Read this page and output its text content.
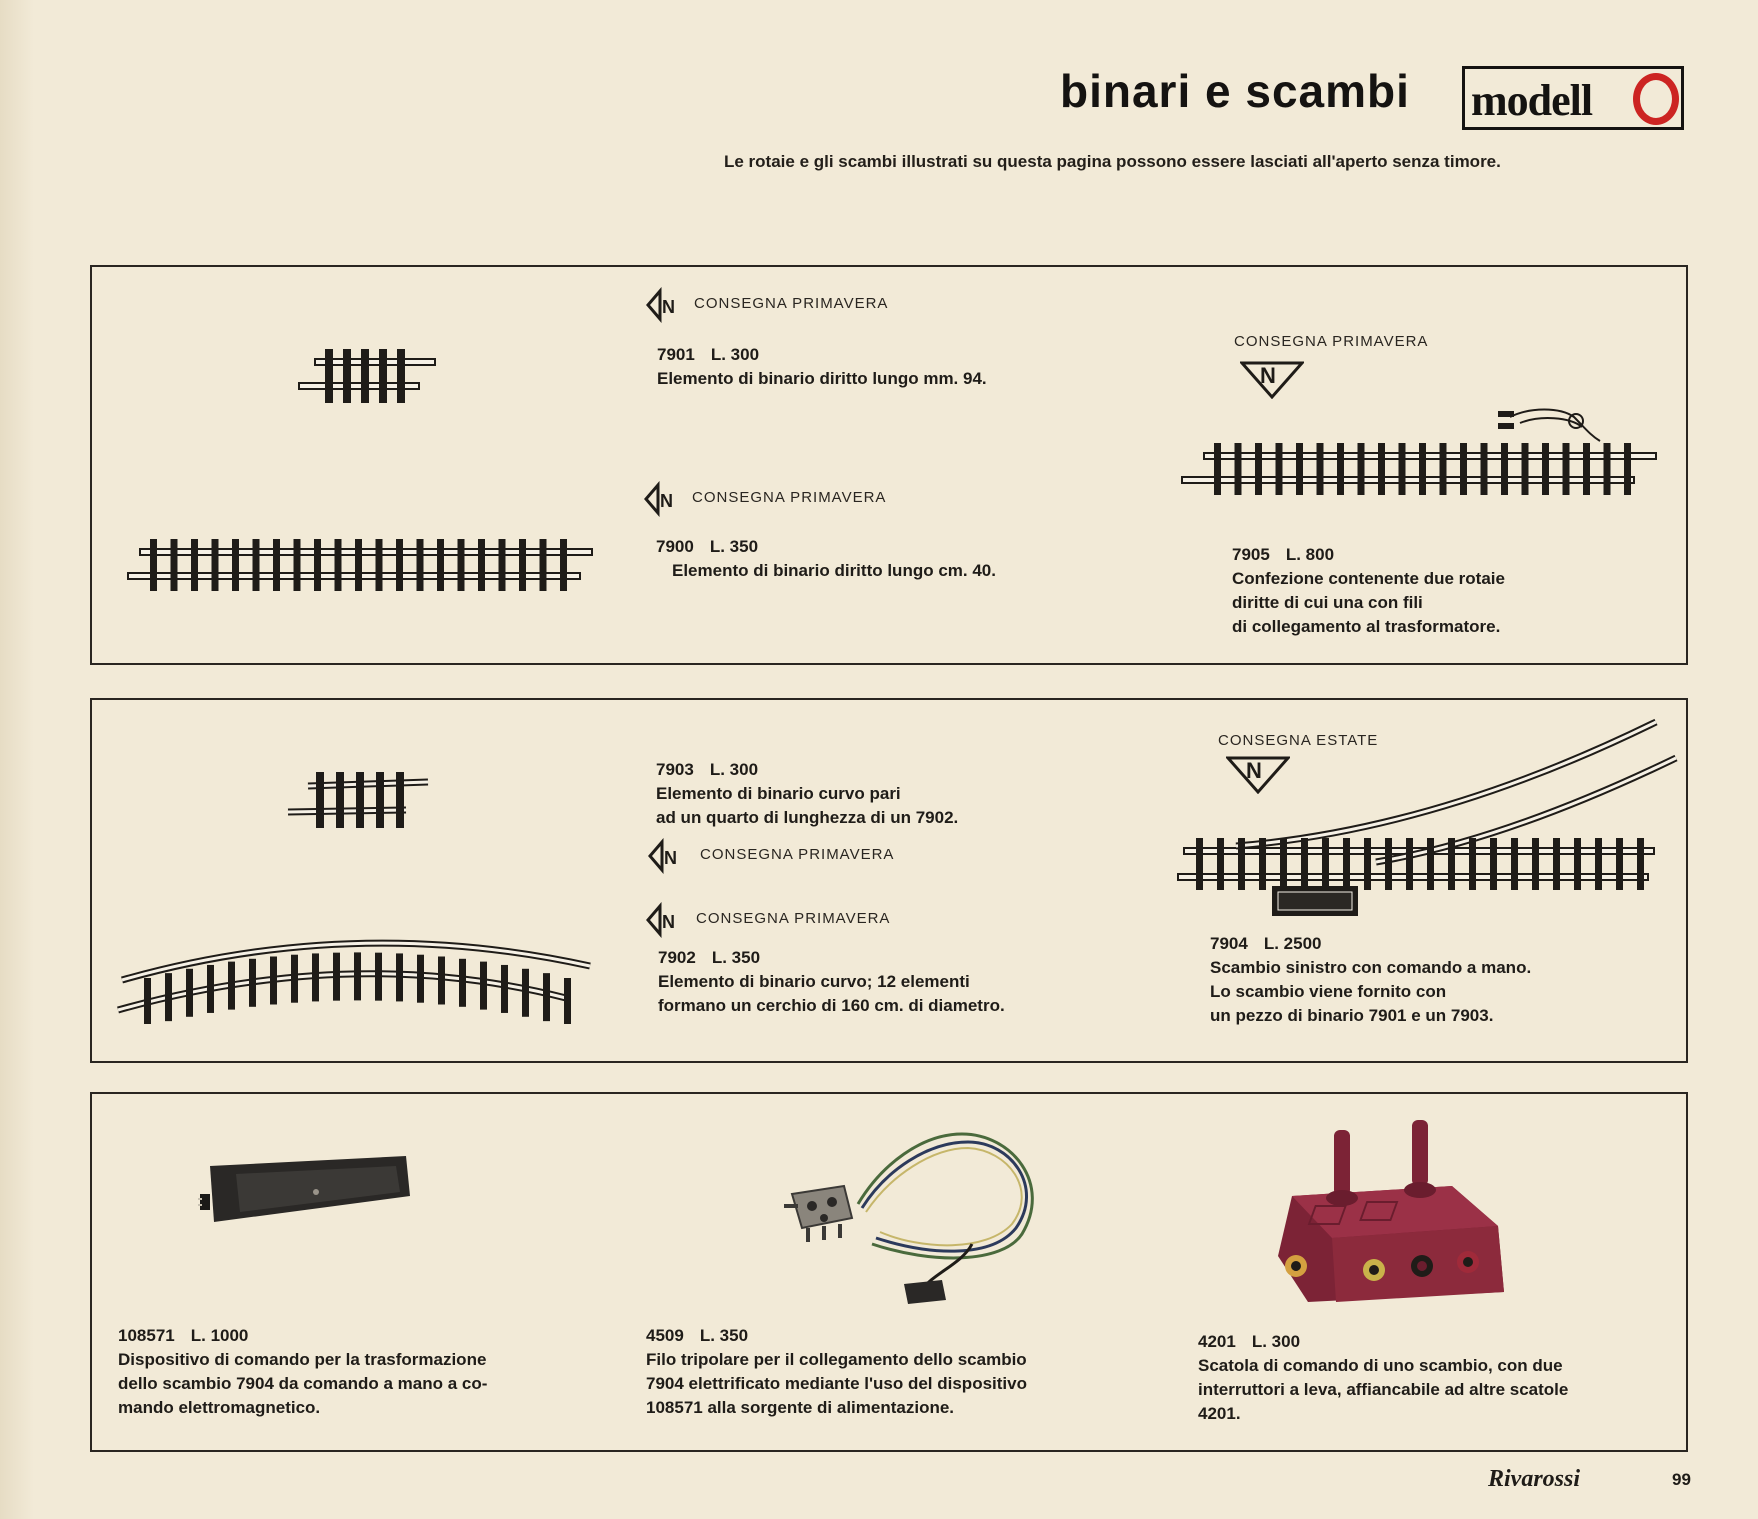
binari e scambi modell
Le rotaie e gli scambi illustrati su questa pagina possono essere lasciati all'aperto senza timore.
N CONSEGNA PRIMAVERA
7901 L. 300
Elemento di binario diritto lungo mm. 94.
N CONSEGNA PRIMAVERA
7900 L. 350
Elemento di binario diritto lungo cm. 40.
CONSEGNA PRIMAVERA
N
7905 L. 800
Confezione contenente due rotaie
diritte di cui una con fili
di collegamento al trasformatore.
7903 L. 300
Elemento di binario curvo pari
ad un quarto di lunghezza di un 7902.
N CONSEGNA PRIMAVERA
N CONSEGNA PRIMAVERA
7902 L. 350
Elemento di binario curvo; 12 elementi
formano un cerchio di 160 cm. di diametro.
CONSEGNA ESTATE
N
7904 L. 2500
Scambio sinistro con comando a mano.
Lo scambio viene fornito con
un pezzo di binario 7901 e un 7903.
108571 L. 1000
Dispositivo di comando per la trasformazione
dello scambio 7904 da comando a mano a co-
mando elettromagnetico.
4509 L. 350
Filo tripolare per il collegamento dello scambio
7904 elettrificato mediante l'uso del dispositivo
108571 alla sorgente di alimentazione.
4201 L. 300
Scatola di comando di uno scambio, con due
interruttori a leva, affiancabile ad altre scatole
4201.
Rivarossi	99
